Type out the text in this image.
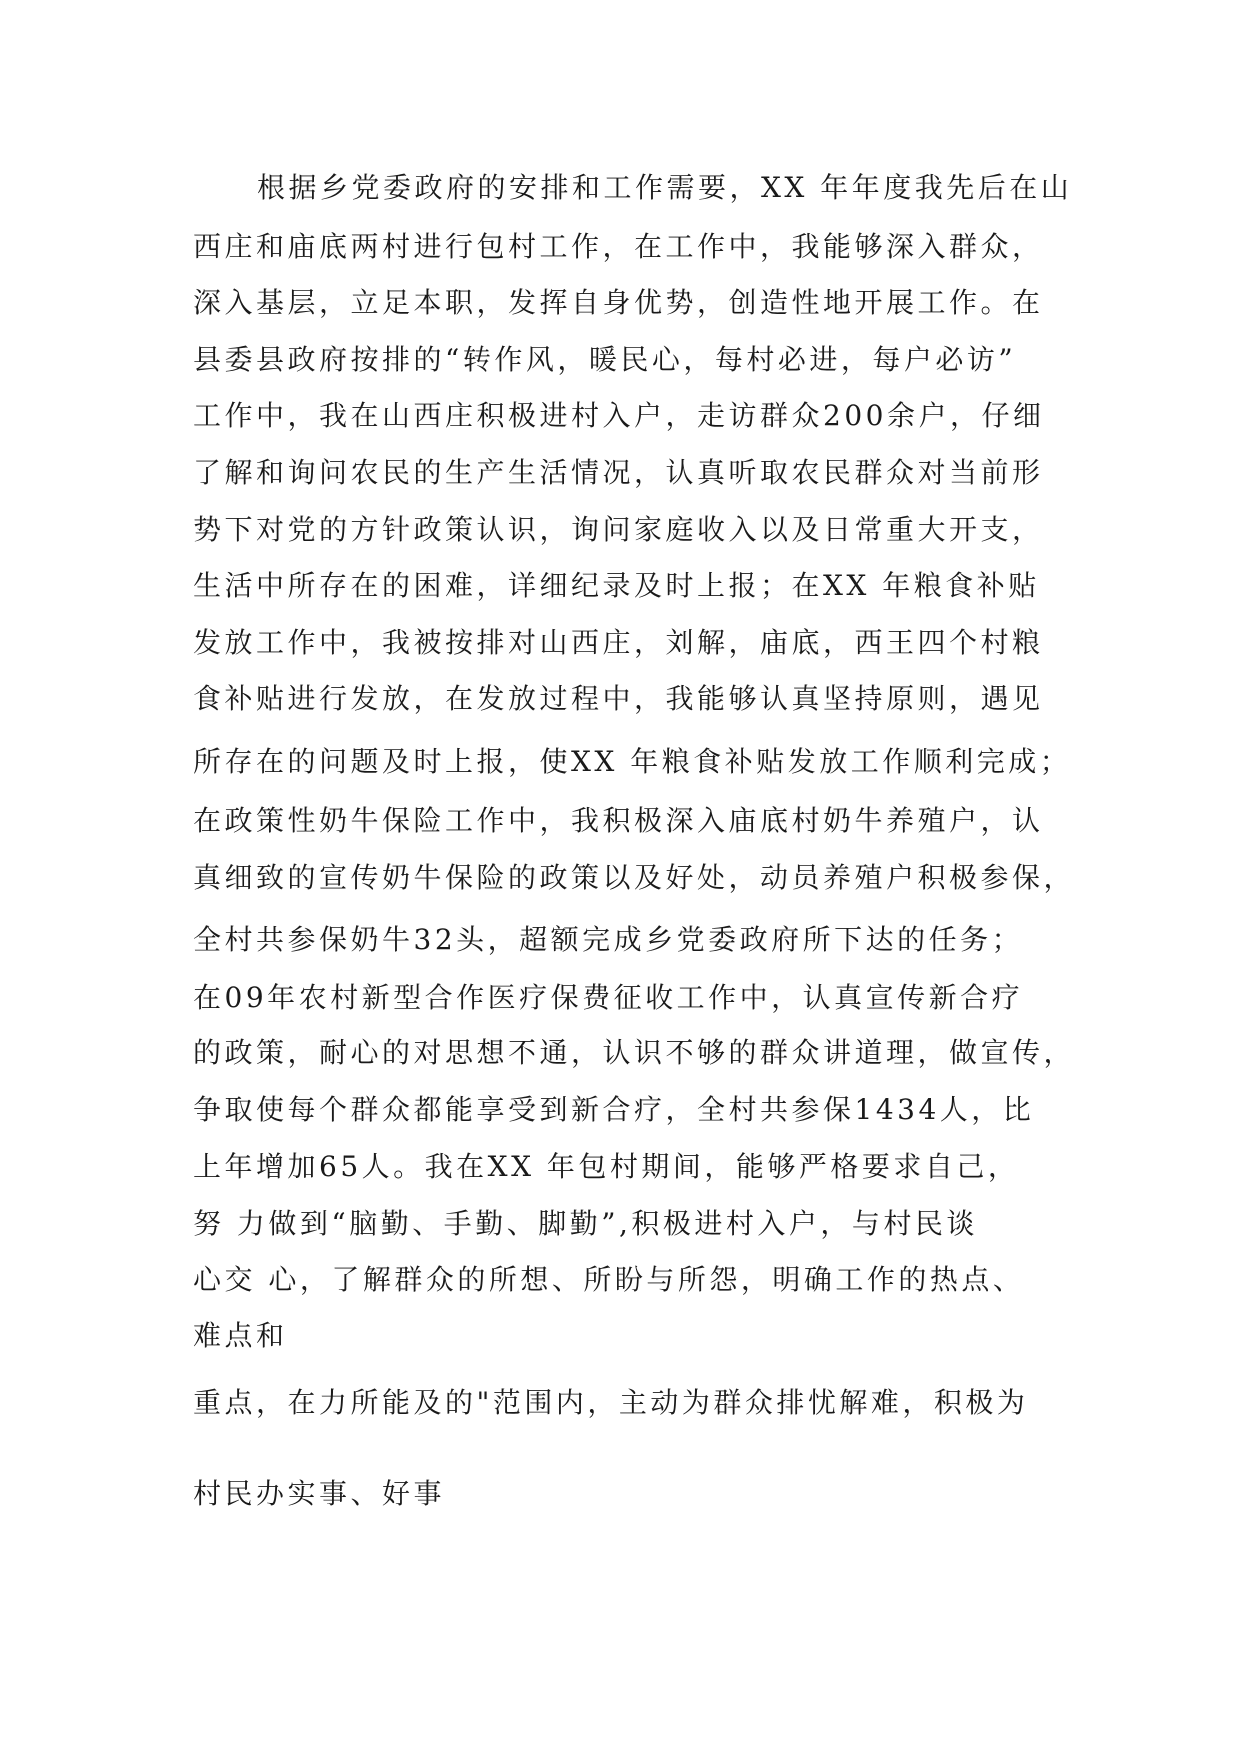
根据乡党委政府的安排和工作需要，XX 年年度我先后在山
西庄和庙底两村进行包村工作，在工作中，我能够深入群众，
深入基层，立足本职，发挥自身优势，创造性地开展工作。在
县委县政府按排的“转作风，暖民心，每村必进，每户必访”
工作中，我在山西庄积极进村入户，走访群众200余户，仔细
了解和询问农民的生产生活情况，认真听取农民群众对当前形
势下对党的方针政策认识，询问家庭收入以及日常重大开支，
生活中所存在的困难，详细纪录及时上报；在XX 年粮食补贴
发放工作中，我被按排对山西庄，刘解，庙底，西王四个村粮
食补贴进行发放，在发放过程中，我能够认真坚持原则，遇见
所存在的问题及时上报，使XX 年粮食补贴发放工作顺利完成；
在政策性奶牛保险工作中，我积极深入庙底村奶牛养殖户，认
真细致的宣传奶牛保险的政策以及好处，动员养殖户积极参保，
全村共参保奶牛32头，超额完成乡党委政府所下达的任务；
在09年农村新型合作医疗保费征收工作中，认真宣传新合疗
的政策，耐心的对思想不通，认识不够的群众讲道理，做宣传，
争取使每个群众都能享受到新合疗，全村共参保1434人，比
上年增加65人。我在XX 年包村期间，能够严格要求自己，
努 力做到“脑勤、手勤、脚勤”,积极进村入户，与村民谈
心交 心，了解群众的所想、所盼与所怨，明确工作的热点、
难点和
重点，在力所能及的"范围内，主动为群众排忧解难，积极为
村民办实事、好事
